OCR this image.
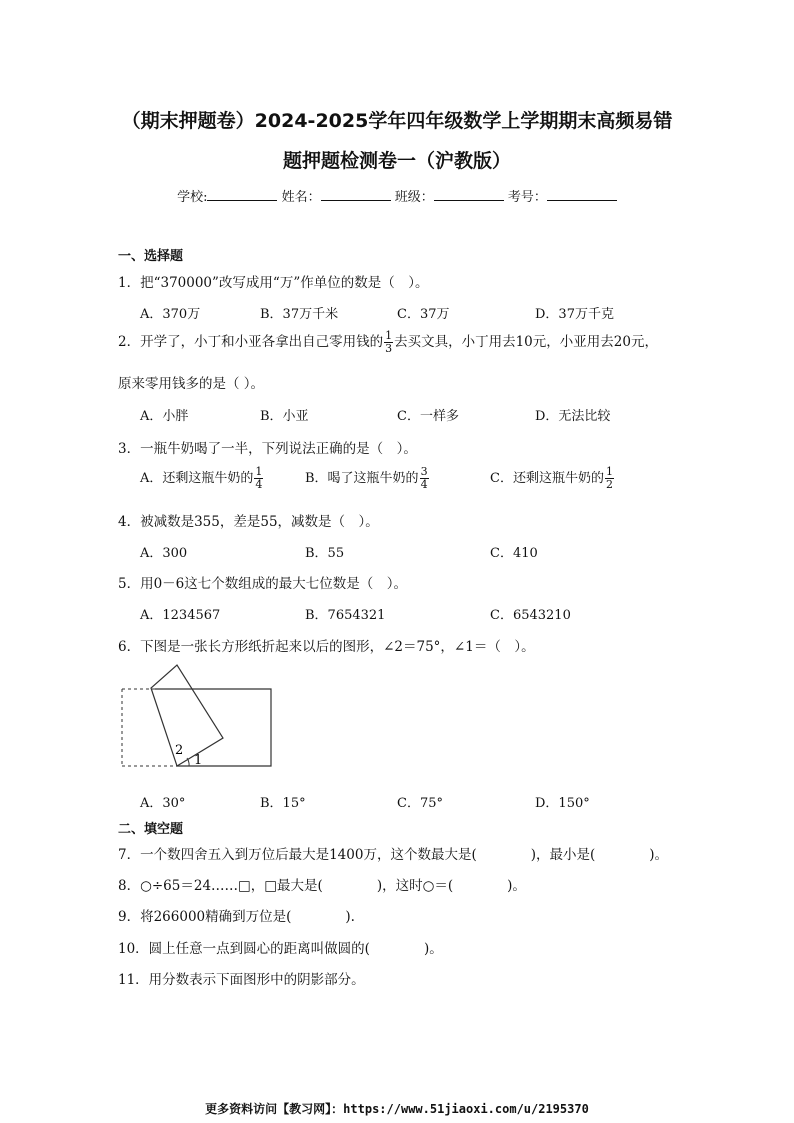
（期末押题卷）2024-2025学年四年级数学上学期期末高频易错
题押题检测卷一（沪教版）
学校:	姓名：	班级：	考号：
一、选择题
1．把“370000”改写成用“万”作单位的数是（　）。
A．370万	B．37万千米	C．37万	D．37万千克
2．开学了，小丁和小亚各拿出自己零用钱的 $\frac{1}{3}$ 去买文具，小丁用去10元，小亚用去20元，
原来零用钱多的是（ ）。
A．小胖	B．小亚	C．一样多	D．无法比较
3．一瓶牛奶喝了一半，下列说法正确的是（　）。
A．还剩这瓶牛奶的 $\frac{1}{4}$	B．喝了这瓶牛奶的 $\frac{3}{4}$	C．还剩这瓶牛奶的 $\frac{1}{2}$
4．被减数是355，差是55，减数是（　）。
A．300	B．55	C．410
5．用0－6这七个数组成的最大七位数是（　）。
A．1234567	B．7654321	C．6543210
6．下图是一张长方形纸折起来以后的图形，∠2＝75°，∠1＝（　）。
2
1
A．30°	B．15°	C．75°	D．150°
二、填空题
7．一个数四舍五入到万位后最大是1400万，这个数最大是(　　　　)，最小是(　　　　)。
8．○÷65＝24……□，□最大是(　　　　)，这时○＝(　　　　)。
9．将266000精确到万位是(　　　　).
10．圆上任意一点到圆心的距离叫做圆的(　　　　)。
11．用分数表示下面图形中的阴影部分。
更多资料访问【教习网】：https://www.51jiaoxi.com/u/2195370
